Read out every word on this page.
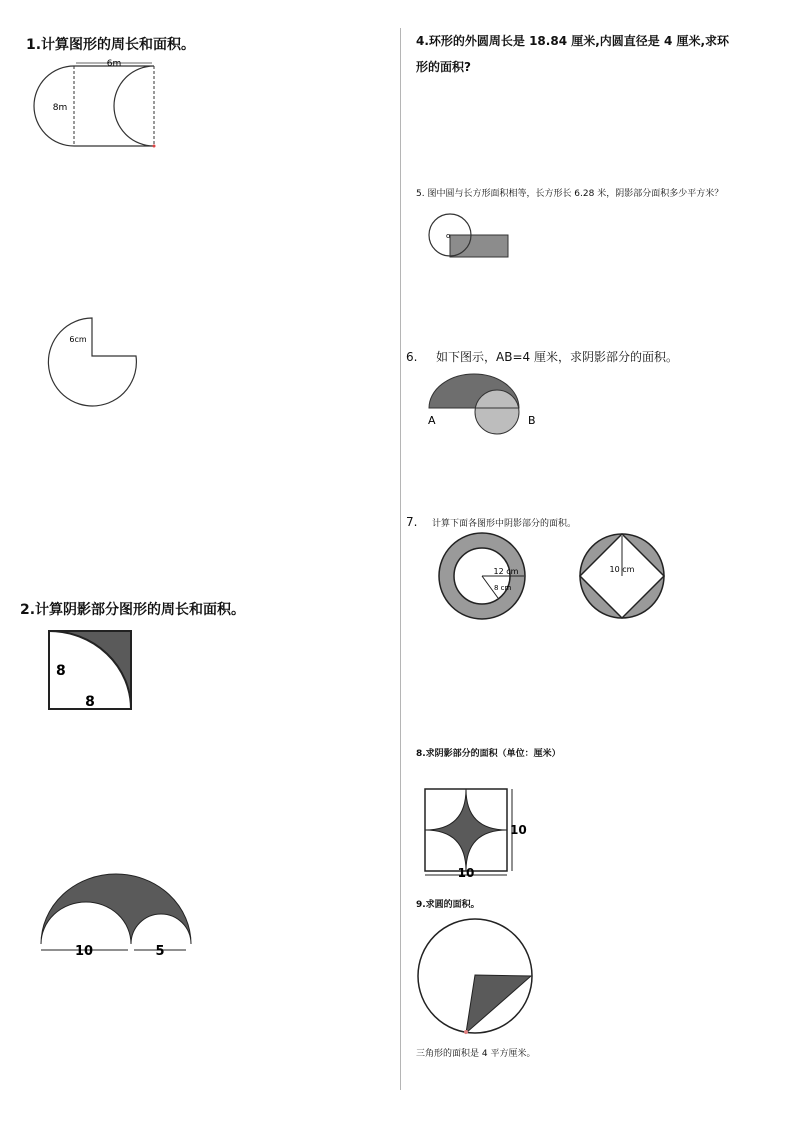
1.计算图形的周长和面积。
6m
8m
6cm
2.计算阴影部分图形的周长和面积。
8
8
10	5
4.环形的外圆周长是 18.84 厘米,内圆直径是 4 厘米,求环
形的面积?
5. 图中圆与长方形面积相等，长方形长 6.28 米，阴影部分面积多少平方米？
o
6. 如下图示，AB=4 厘米，求阴影部分的面积。
A	B
7. 计算下面各图形中阴影部分的面积。
12 cm
8 cm
10 cm
8.求阴影部分的面积（单位：厘米）
10
10
9.求圆的面积。
三角形的面积是 4 平方厘米。
